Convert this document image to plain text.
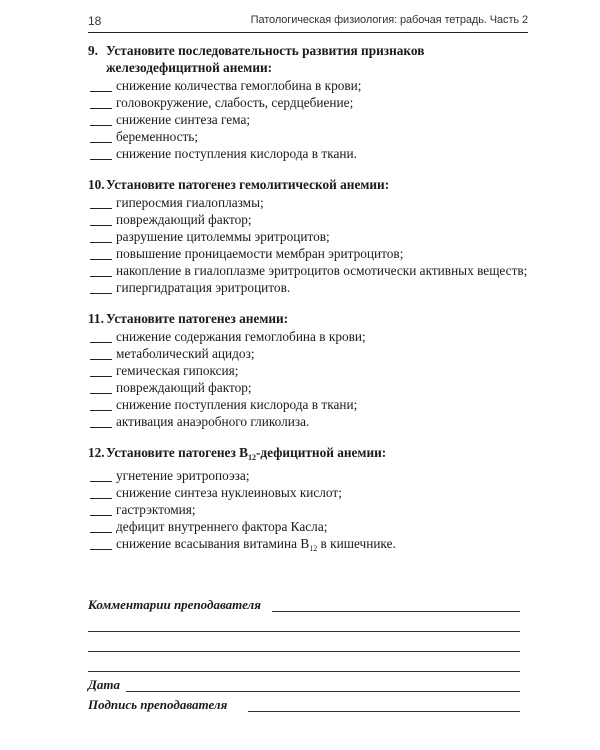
18	Патологическая физиология: рабочая тетрадь. Часть 2
9. Установите последовательность развития признаков железодефицитной анемии:
снижение количества гемоглобина в крови;
головокружение, слабость, сердцебиение;
снижение синтеза гема;
беременность;
снижение поступления кислорода в ткани.
10.Установите патогенез гемолитической анемии:
гиперосмия гиалоплазмы;
повреждающий фактор;
разрушение цитолеммы эритроцитов;
повышение проницаемости мембран эритроцитов;
накопление в гиалоплазме эритроцитов осмотически активных веществ;
гипергидратация эритроцитов.
11. Установите патогенез анемии:
снижение содержания гемоглобина в крови;
метаболический ацидоз;
гемическая гипоксия;
повреждающий фактор;
снижение поступления кислорода в ткани;
активация анаэробного гликолиза.
12.Установите патогенез $B_{12}$-дефицитной анемии:
угнетение эритропоэза;
снижение синтеза нуклеиновых кислот;
гастрэктомия;
дефицит внутреннего фактора Касла;
снижение всасывания витамина $B_{12}$ в кишечнике.
Комментарии преподавателя
Дата
Подпись преподавателя
